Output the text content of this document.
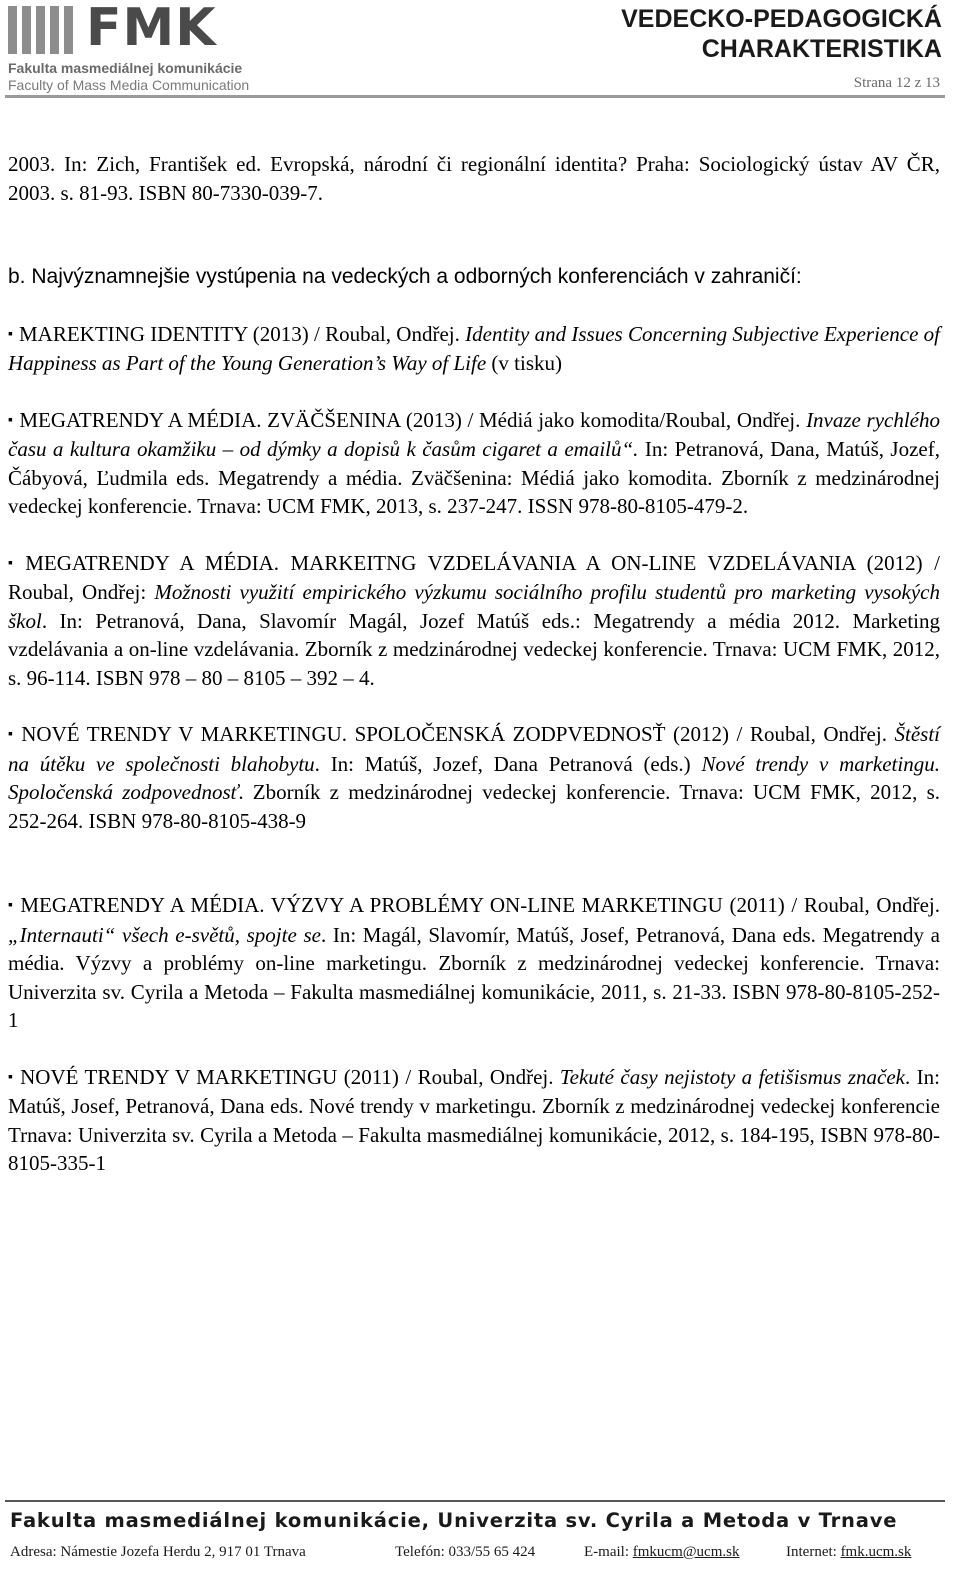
FMK
Fakulta masmediálnej komunikácie
Faculty of Mass Media Communication
VEDECKO-PEDAGOGICKÁ
CHARAKTERISTIKA
Strana 12 z 13

2003. In: Zich, František ed. Evropská, národní či regionální identita? Praha: Sociologický ústav AV ČR, 2003. s. 81-93. ISBN 80-7330-039-7.

b. Najvýznamnejšie vystúpenia na vedeckých a odborných konferenciách v zahraničí:

▪ MAREKTING IDENTITY (2013) / Roubal, Ondřej. Identity and Issues Concerning Subjective Experience of Happiness as Part of the Young Generation’s Way of Life (v tisku)

▪ MEGATRENDY A MÉDIA. ZVÄČŠENINA (2013) / Médiá jako komodita/Roubal, Ondřej. Invaze rychlého času a kultura okamžiku – od dýmky a dopisů k časům cigaret a emailů“. In: Petranová, Dana, Matúš, Jozef, Čábyová, Ľudmila eds. Megatrendy a média. Zväčšenina: Médiá jako komodita. Zborník z medzinárodnej vedeckej konferencie. Trnava: UCM FMK, 2013, s. 237-247. ISSN 978-80-8105-479-2.

▪ MEGATRENDY A MÉDIA. MARKEITNG VZDELÁVANIA A ON-LINE VZDELÁVANIA (2012) / Roubal, Ondřej: Možnosti využití empirického výzkumu sociálního profilu studentů pro marketing vysokých škol. In: Petranová, Dana, Slavomír Magál, Jozef Matúš eds.: Megatrendy a média 2012. Marketing vzdelávania a on-line vzdelávania. Zborník z medzinárodnej vedeckej konferencie. Trnava: UCM FMK, 2012, s. 96-114. ISBN 978 – 80 – 8105 – 392 – 4.

▪ NOVÉ TRENDY V MARKETINGU. SPOLOČENSKÁ ZODPVEDNOSŤ (2012) / Roubal, Ondřej. Štěstí na útěku ve společnosti blahobytu. In: Matúš, Jozef, Dana Petranová (eds.) Nové trendy v marketingu. Spoločenská zodpovednosť. Zborník z medzinárodnej vedeckej konferencie. Trnava: UCM FMK, 2012, s. 252-264. ISBN 978-80-8105-438-9

▪ MEGATRENDY A MÉDIA. VÝZVY A PROBLÉMY ON-LINE MARKETINGU (2011) / Roubal, Ondřej. „Internauti“ všech e-světů, spojte se. In: Magál, Slavomír, Matúš, Josef, Petranová, Dana eds. Megatrendy a média. Výzvy a problémy on-line marketingu. Zborník z medzinárodnej vedeckej konferencie. Trnava: Univerzita sv. Cyrila a Metoda – Fakulta masmediálnej komunikácie, 2011, s. 21-33. ISBN 978-80-8105-252-1

▪ NOVÉ TRENDY V MARKETINGU (2011) / Roubal, Ondřej. Tekuté časy nejistoty a fetišismus značek. In: Matúš, Josef, Petranová, Dana eds. Nové trendy v marketingu. Zborník z medzinárodnej vedeckej konferencie Trnava: Univerzita sv. Cyrila a Metoda – Fakulta masmediálnej komunikácie, 2012, s. 184-195, ISBN 978-80-8105-335-1

Fakulta masmediálnej komunikácie, Univerzita sv. Cyrila a Metoda v Trnave
Adresa: Námestie Jozefa Herdu 2, 917 01 Trnava	Telefón: 033/55 65 424	E-mail: fmkucm@ucm.sk	Internet: fmk.ucm.sk
